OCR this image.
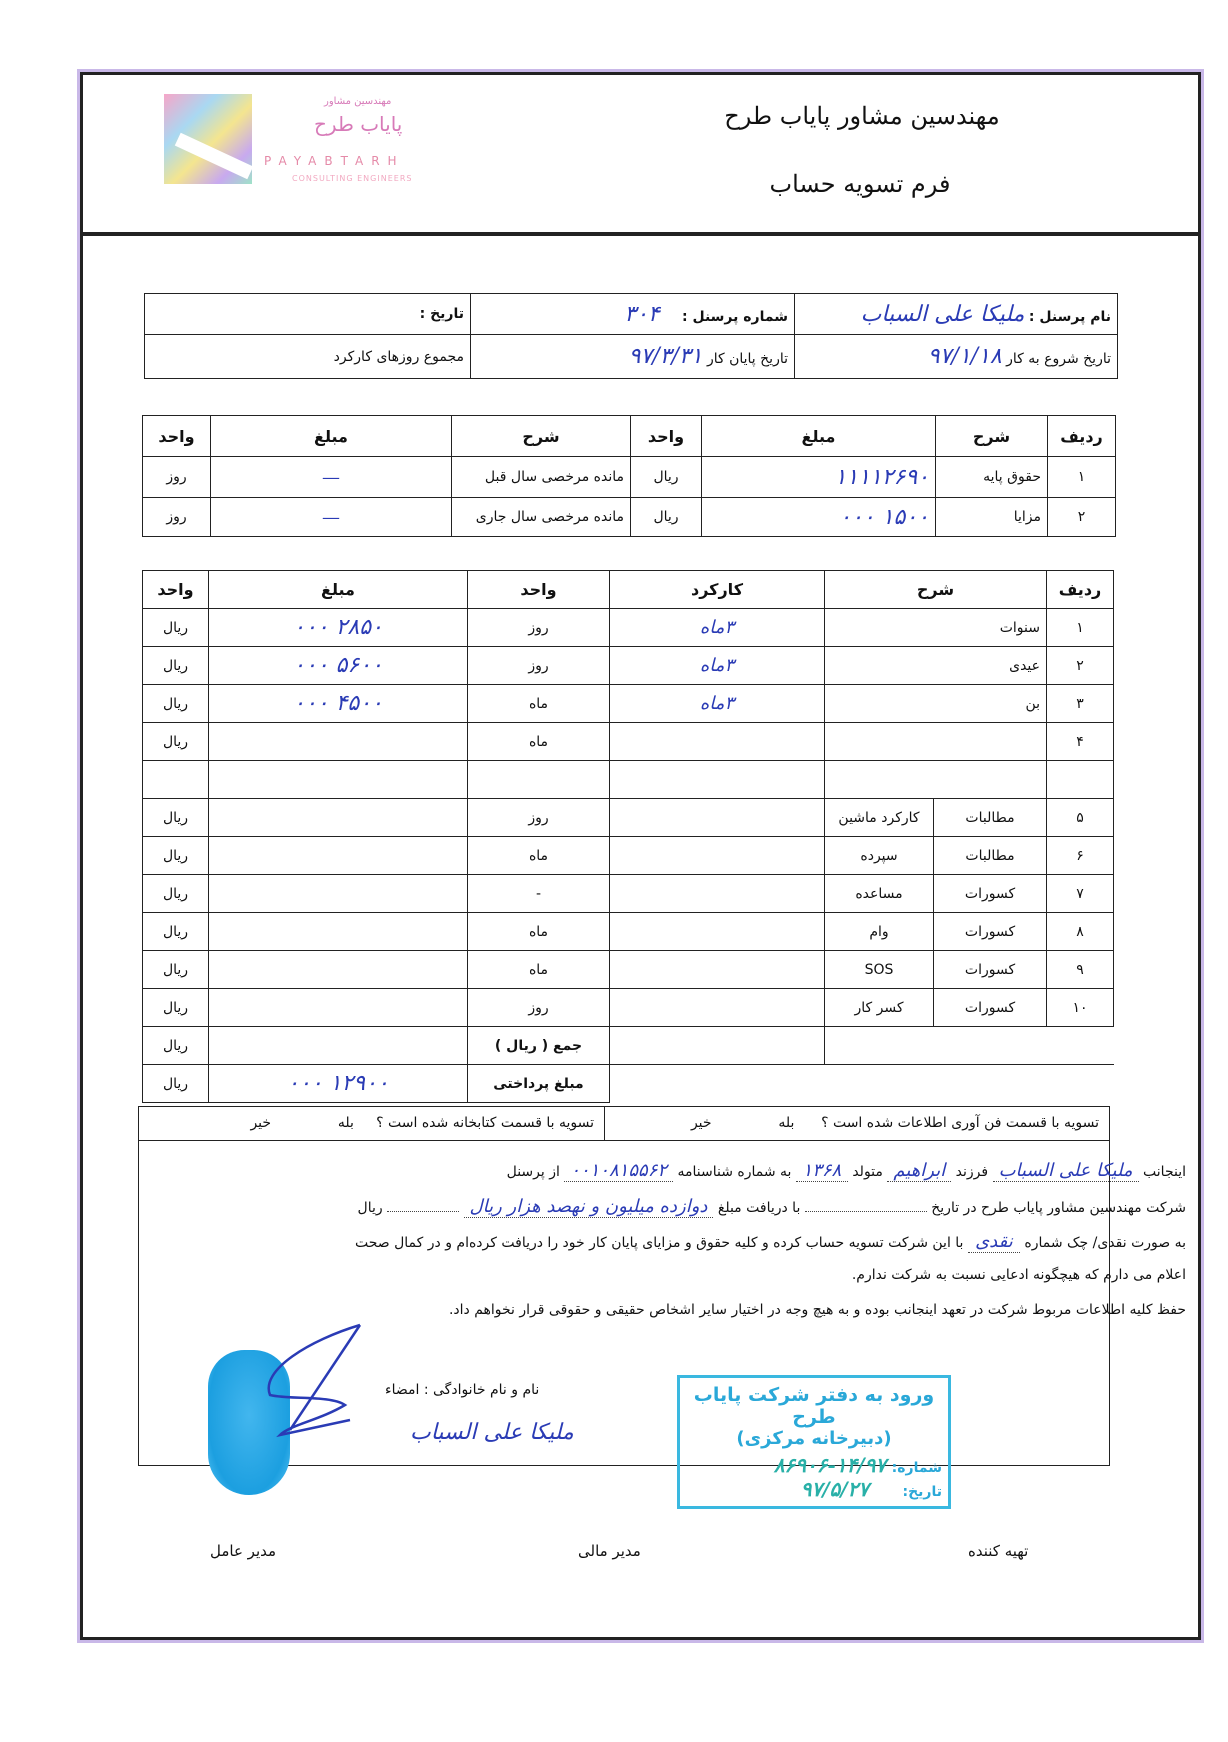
مهندسین مشاور
پایاب طرح
PAYABTARH
CONSULTING ENGINEERS
مهندسین مشاور پایاب طرح
فرم تسویه حساب
نام پرسنل : ملیکا علی السباب	شماره پرسنل :     ۳۰۴	تاریخ :
تاریخ شروع به کار ۹۷/۱/۱۸	تاریخ پایان کار ۹۷/۳/۳۱	مجموع روزهای کارکرد
ردیف	شرح	مبلغ	واحد	شرح	مبلغ	واحد
۱	حقوق پایه	۱۱۱۱۲۶۹۰	ریال	مانده مرخصی سال قبل	—	روز
۲	مزایا	۱۵۰۰ ۰۰۰	ریال	مانده مرخصی سال جاری	—	روز
ردیف	شرح		کارکرد	واحد	مبلغ	واحد
۱	سنوات		۳ماه	روز	۲۸۵۰ ۰۰۰	ریال
۲	عیدی		۳ماه	روز	۵۶۰۰ ۰۰۰	ریال
۳	بن		۳ماه	ماه	۴۵۰۰ ۰۰۰	ریال
۴				ماه		ریال

۵	مطالبات	کارکرد ماشین		روز		ریال
۶	مطالبات	سپرده		ماه		ریال
۷	کسورات	مساعده		-		ریال
۸	کسورات	وام		ماه		ریال
۹	کسورات	SOS		ماه		ریال
۱۰	کسورات	کسر کار		روز		ریال
				جمع ( ریال )		ریال
				مبلغ پرداختی	۱۲۹۰۰ ۰۰۰	ریال
تسویه با قسمت فن آوری اطلاعات شده است ؟      بله               خیر
تسویه با قسمت کتابخانه شده است ؟     بله               خیر
اینجانب ملیکا علی السباب فرزند ابراهیم متولد ۱۳۶۸ به شماره شناسنامه ۰۰۱۰۸۱۵۵۶۲ از پرسنل
شرکت مهندسین مشاور پایاب طرح در تاریخ  با دریافت مبلغ دوازده میلیون و نهصد هزار ریال  ریال
به صورت نقدی/ چک شماره نقدی با این شرکت تسویه حساب کرده و کلیه حقوق و مزایای پایان کار خود را دریافت کرده‌ام و در کمال صحت
اعلام می دارم که هیچگونه ادعایی نسبت به شرکت ندارم.
حفظ کلیه اطلاعات مربوط شرکت در تعهد اینجانب بوده و به هیچ وجه در اختیار سایر اشخاص حقیقی و حقوقی قرار نخواهم داد.
نام و نام خانوادگی : امضاء
ملیکا علی السباب
ورود به دفتر شرکت پایاب طرح
(دبیرخانه مرکزی)
شماره: ۱۴/۹۷-۸۶۹۰۶
تاریخ:      ۹۷/۵/۲۷
مدیر عامل	مدیر مالی	تهیه کننده
